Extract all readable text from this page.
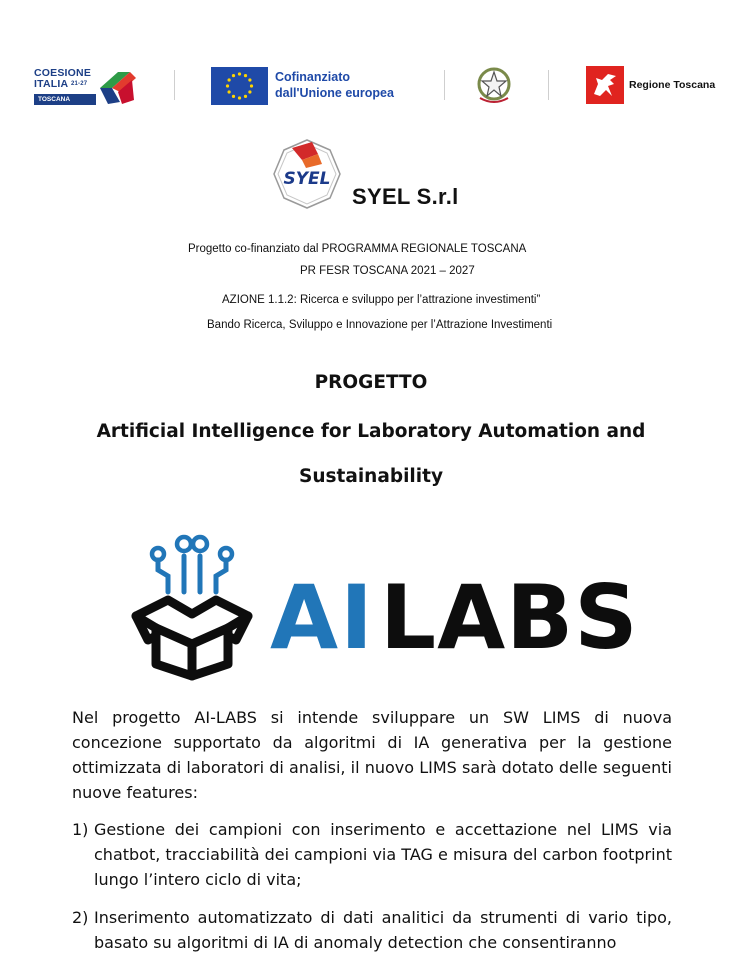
COESIONE
ITALIA $^{21-27}$
TOSCANA
Cofinanziato
dall'Unione europea
Regione Toscana
SYEL
SYEL S.r.l
Progetto co-finanziato dal PROGRAMMA REGIONALE TOSCANA
PR FESR TOSCANA 2021 – 2027
AZIONE 1.1.2: Ricerca e sviluppo per l’attrazione investimenti”
Bando Ricerca, Sviluppo e Innovazione per l’Attrazione Investimenti
PROGETTO
Artificial Intelligence for Laboratory Automation and
Sustainability
AI LABS
Nel progetto AI-LABS si intende sviluppare un SW LIMS di nuova concezione supportato da algoritmi di IA generativa per la gestione ottimizzata di laboratori di analisi, il nuovo LIMS sarà dotato delle seguenti nuove features:
1) Gestione dei campioni con inserimento e accettazione nel LIMS via chatbot, tracciabilità dei campioni via TAG e misura del carbon footprint lungo l’intero ciclo di vita;
2) Inserimento automatizzato di dati analitici da strumenti di vario tipo, basato su algoritmi di IA di anomaly detection che consentiranno
